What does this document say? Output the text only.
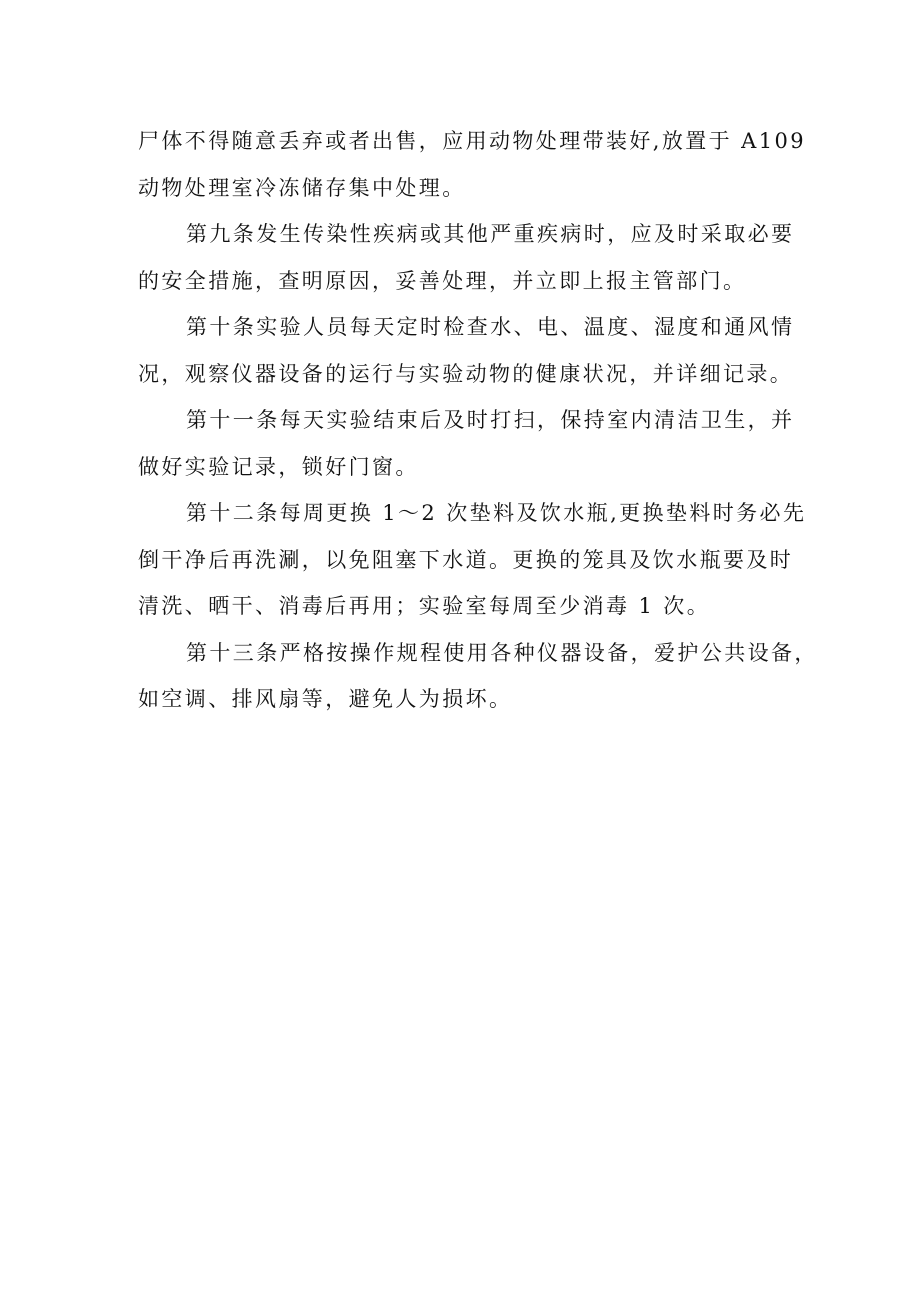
尸体不得随意丢弃或者出售，应用动物处理带装好,放置于 A109
动物处理室冷冻储存集中处理。
第九条发生传染性疾病或其他严重疾病时，应及时采取必要
的安全措施，查明原因，妥善处理，并立即上报主管部门。
第十条实验人员每天定时检查水、电、温度、湿度和通风情
况，观察仪器设备的运行与实验动物的健康状况，并详细记录。
第十一条每天实验结束后及时打扫，保持室内清洁卫生，并
做好实验记录，锁好门窗。
第十二条每周更换 1～2 次垫料及饮水瓶,更换垫料时务必先
倒干净后再洗涮，以免阻塞下水道。更换的笼具及饮水瓶要及时
清洗、晒干、消毒后再用；实验室每周至少消毒 1 次。
第十三条严格按操作规程使用各种仪器设备，爱护公共设备，
如空调、排风扇等，避免人为损坏。
